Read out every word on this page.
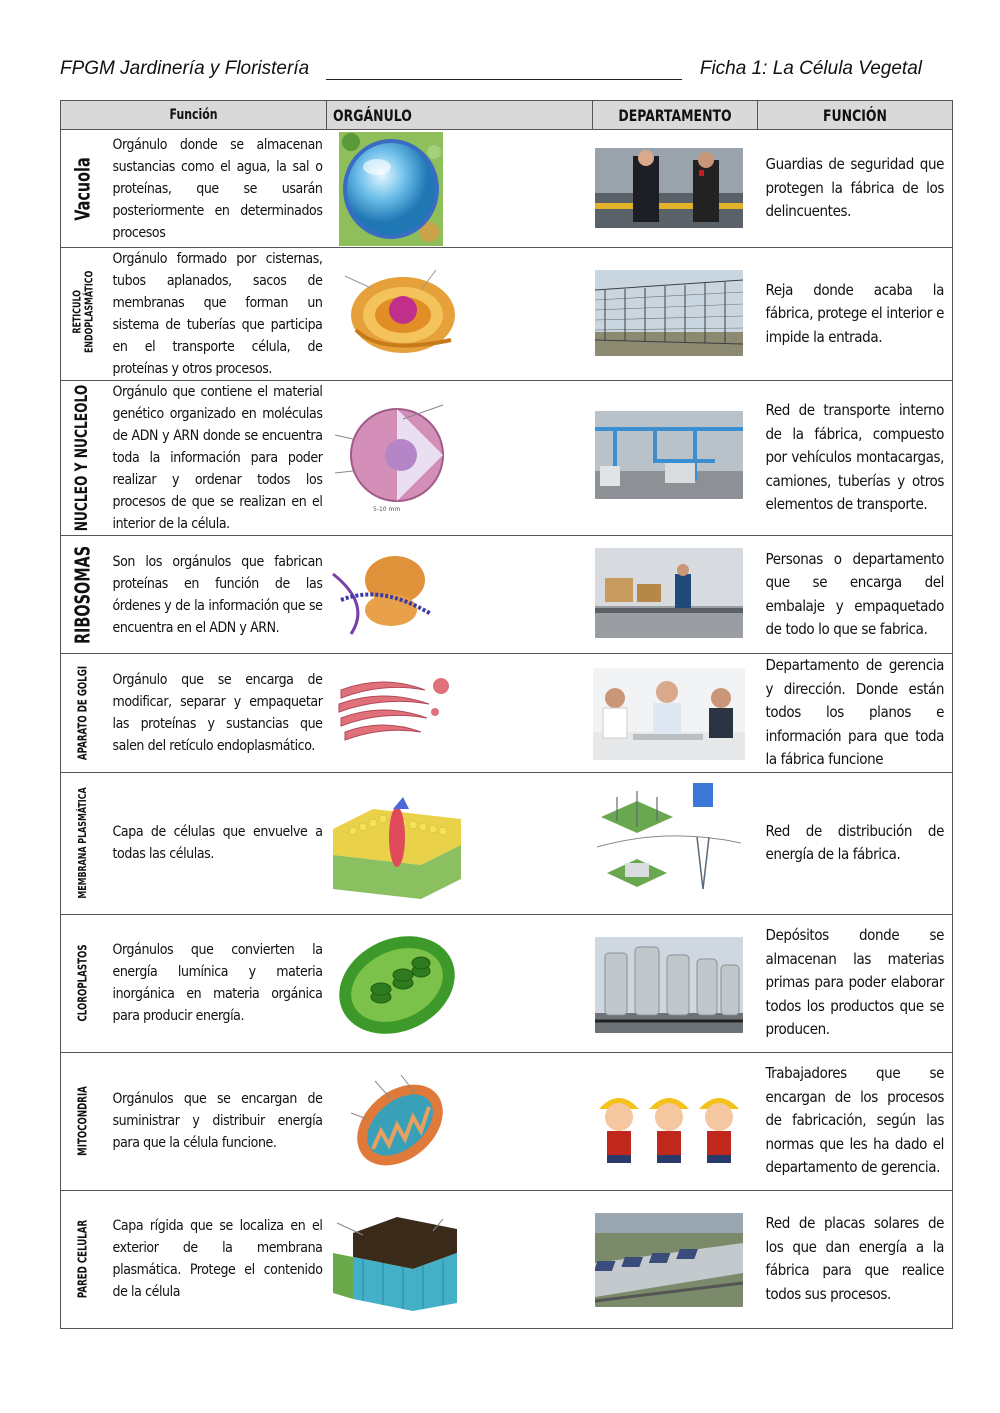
FPGM Jardinería y Floristería	Ficha 1: La Célula Vegetal
Función		ORGÁNULO	DEPARTAMENTO	FUNCIÓN

Vacuola	Orgánulo donde se almacenan sustancias como el agua, la sal o proteínas, que se usarán posteriormente en determinados procesos			Guardias de seguridad que protegen la fábrica de los delincuentes.

RETICULO ENDOPLASMÁTICO	Orgánulo formado por cisternas, tubos aplanados, sacos de membranas que forman un sistema de tuberías que participa en el transporte célula, de proteínas y otros procesos.			Reja donde acaba la fábrica, protege el interior e impide la entrada.

NUCLEO Y NUCLEOLO	Orgánulo que contiene el material genético organizado en moléculas de ADN y ARN donde se encuentra toda la información para poder realizar y ordenar todos los procesos de que se realizan en el interior de la célula.	5-10 mm		Red de transporte interno de la fábrica, compuesto por vehículos montacargas, camiones, tuberías y otros elementos de transporte.

RIBOSOMAS	Son los orgánulos que fabrican proteínas en función de las órdenes y de la información que se encuentra en el ADN y ARN.			Personas o departamento que se encarga del embalaje y empaquetado de todo lo que se fabrica.

APARATO DE GOLGI	Orgánulo que se encarga de modificar, separar y empaquetar las proteínas y sustancias que salen del retículo endoplasmático.			Departamento de gerencia y dirección. Donde están todos los planos e información para que toda la fábrica funcione

MEMBRANA PLASMÁTICA	Capa de células que envuelve a todas las células.			Red de distribución de energía de la fábrica.

CLOROPLASTOS	Orgánulos que convierten la energía lumínica y materia inorgánica en materia orgánica para producir energía.			Depósitos donde se almacenan las materias primas para poder elaborar todos los productos que se producen.

MITOCONDRIA	Orgánulos que se encargan de suministrar y distribuir energía para que la célula funcione.			Trabajadores que se encargan de los procesos de fabricación, según las normas que les ha dado el departamento de gerencia.

PARED CELULAR	Capa rígida que se localiza en el exterior de la membrana plasmática. Protege el contenido de la célula			Red de placas solares de los que dan energía a la fábrica para que realice todos sus procesos.
